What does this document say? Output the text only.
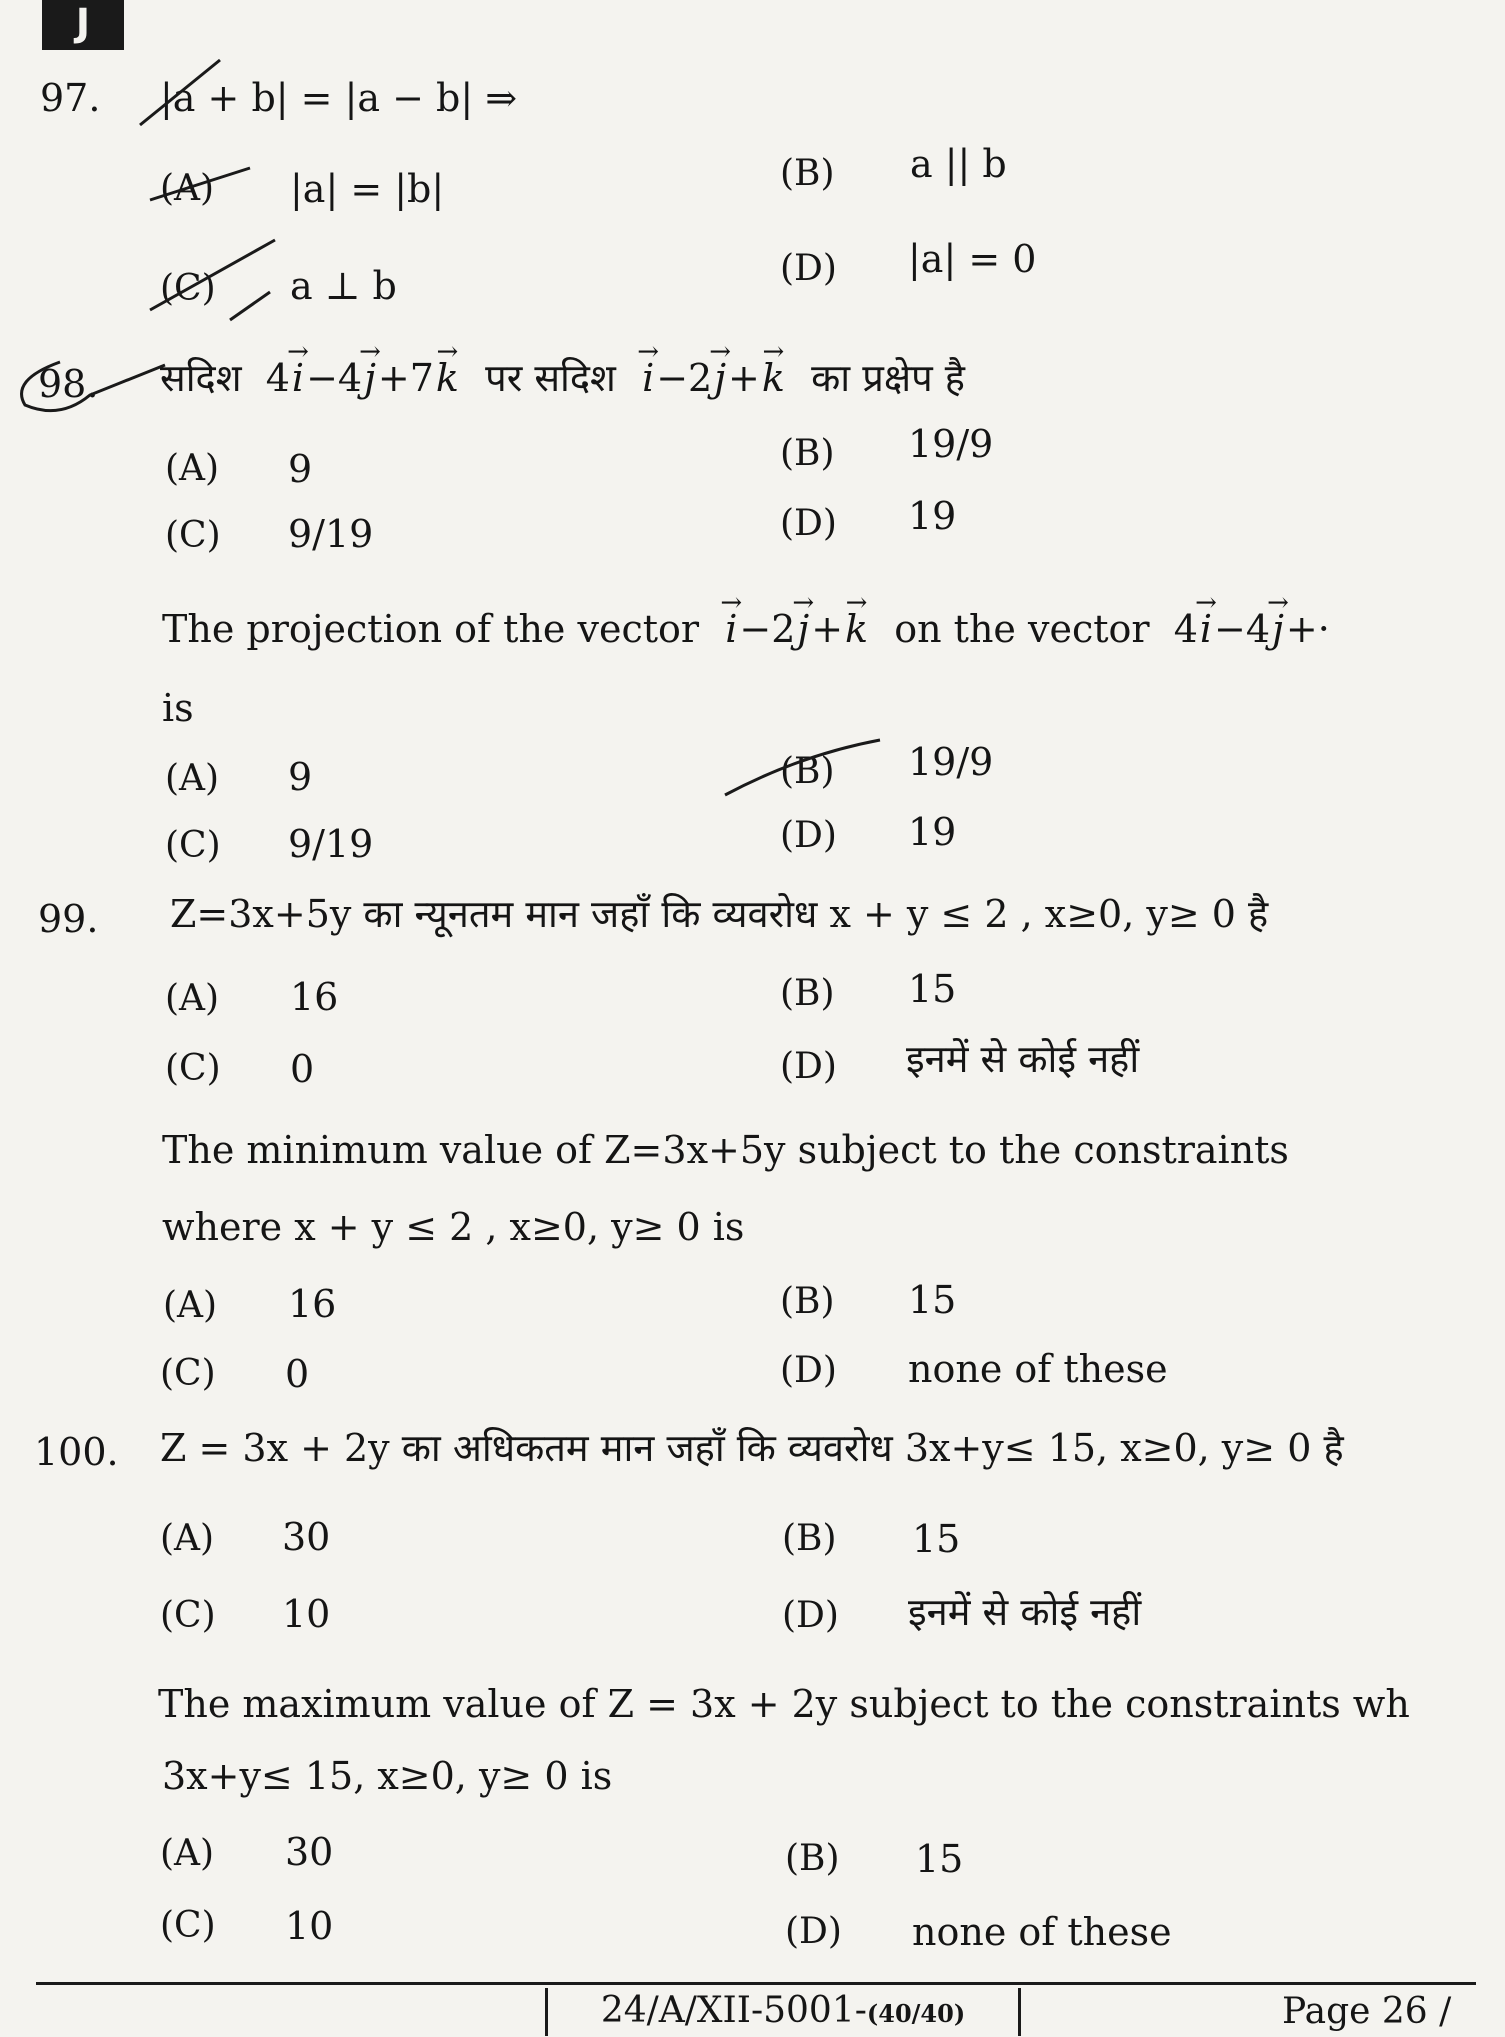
J
97. |a + b| = |a − b| ⇒
(A) |a| = |b|	(B) a || b
(C) a ⊥ b	(D) |a| = 0
98. सदिश  4→ i−4→ j+7→ k पर सदिश → i−2→ j+→ k का प्रक्षेप है
(A) 9	(B) 19/9
(C) 9/19	(D) 19
The projection of the vector → i−2→ j+→ k on the vector  4→ i−4→ j+·
is
(A) 9	(B) 19/9
(C) 9/19	(D) 19
99. Z=3x+5y का न्यूनतम मान जहाँ कि व्यवरोध x + y ≤ 2 , x≥0, y≥ 0 है
(A) 16	(B) 15
(C) 0	(D) इनमें से कोई नहीं
The minimum value of Z=3x+5y subject to the constraints
where x + y ≤ 2 , x≥0, y≥ 0 is
(A) 16	(B) 15
(C) 0	(D) none of these
100. Z = 3x + 2y का अधिकतम मान जहाँ कि व्यवरोध 3x+y≤ 15, x≥0, y≥ 0 है
(A) 30	(B) 15
(C) 10	(D) इनमें से कोई नहीं
The maximum value of Z = 3x + 2y subject to the constraints wh
3x+y≤ 15, x≥0, y≥ 0 is
(A) 30	(B) 15
(C) 10	(D) none of these
24/A/XII-5001-(40/40)	Page 26 /
